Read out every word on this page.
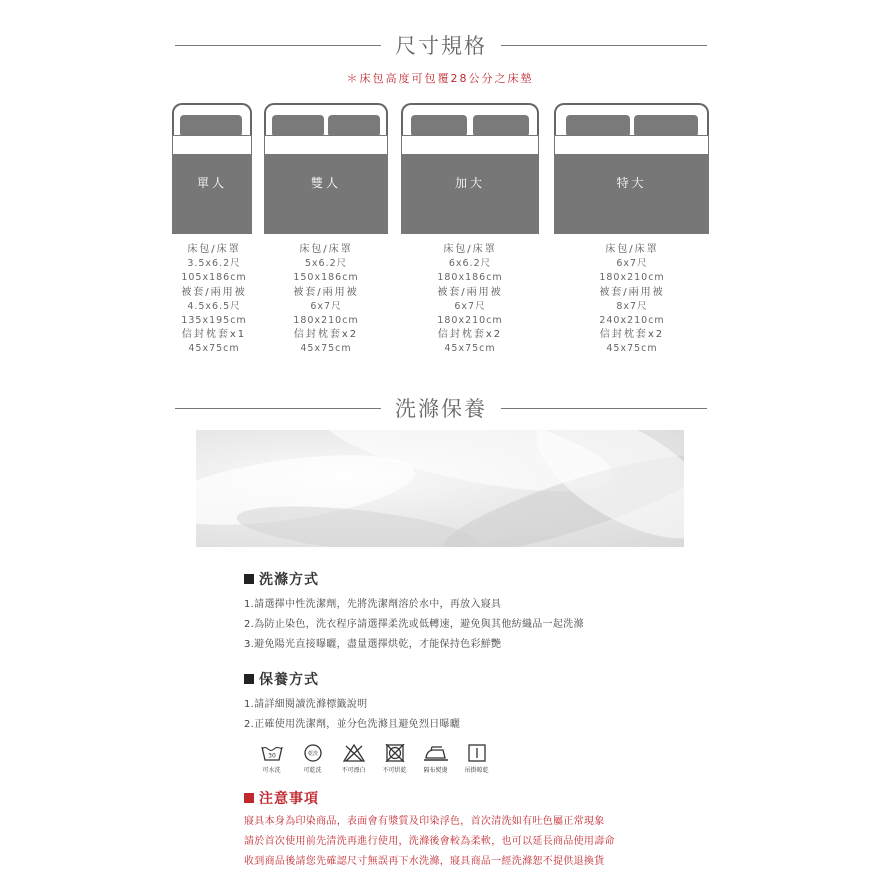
尺寸規格
＊床包高度可包覆28公分之床墊
單人
床包/床罩
3.5x6.2尺
105x186cm
被套/兩用被
4.5x6.5尺
135x195cm
信封枕套x1
45x75cm
雙人
床包/床罩
5x6.2尺
150x186cm
被套/兩用被
6x7尺
180x210cm
信封枕套x2
45x75cm
加大
床包/床罩
6x6.2尺
180x186cm
被套/兩用被
6x7尺
180x210cm
信封枕套x2
45x75cm
特大
床包/床罩
6x7尺
180x210cm
被套/兩用被
8x7尺
240x210cm
信封枕套x2
45x75cm
洗滌保養
洗滌方式

1.請選擇中性洗潔劑，先將洗潔劑溶於水中，再放入寢具

2.為防止染色，洗衣程序請選擇柔洗或低轉速，避免與其他紡織品一起洗滌

3.避免陽光直接曝曬，盡量選擇烘乾，才能保持色彩鮮艷

保養方式

1.請詳細閱讀洗滌標籤說明

2.正確使用洗潔劑，並分色洗滌且避免烈日曝曬

30
可水洗
乾洗
可乾洗	不可漂白	不可烘乾	隔布熨燙	吊掛晾乾
注意事項

寢具本身為印染商品，表面會有漿質及印染浮色，首次清洗如有吐色屬正常現象

請於首次使用前先清洗再進行使用，洗滌後會較為柔軟，也可以延長商品使用壽命

收到商品後請您先確認尺寸無誤再下水洗滌，寢具商品一經洗滌恕不提供退換貨
